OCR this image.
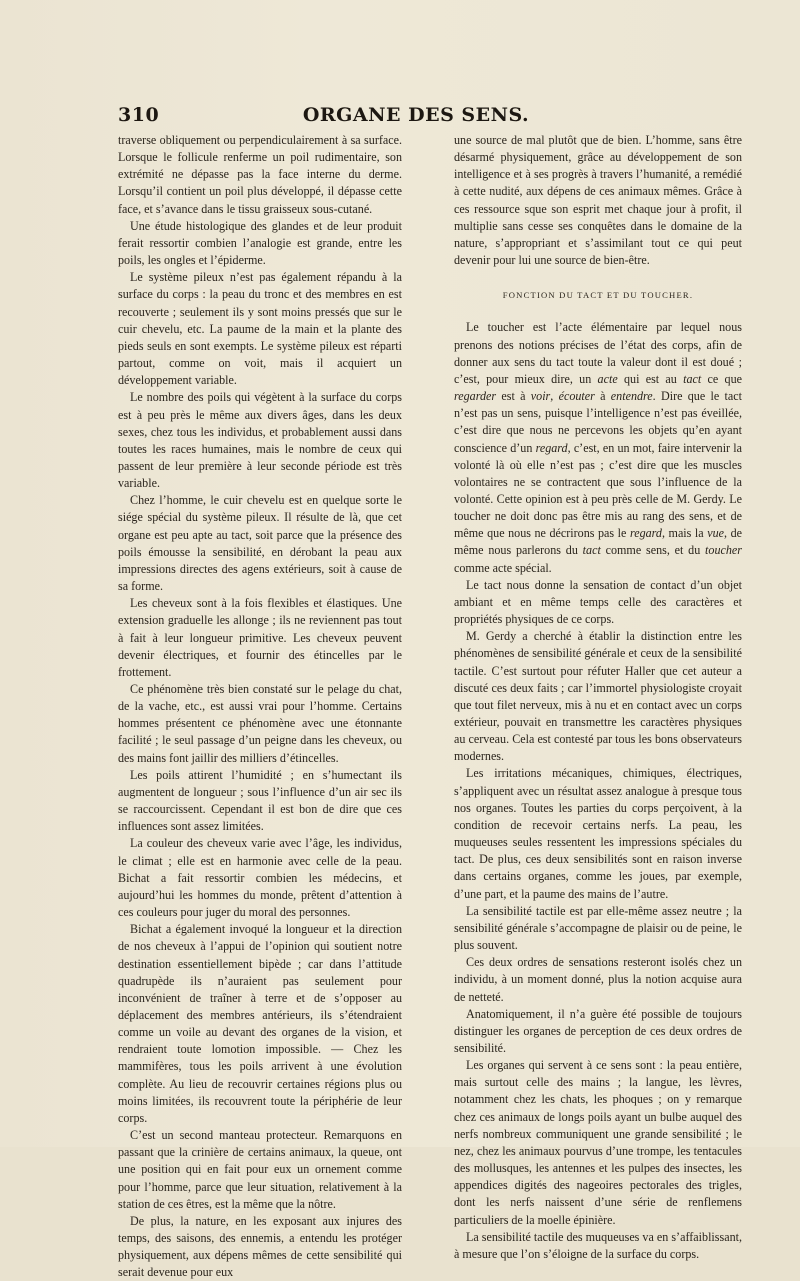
310	ORGANE DES SENS.

traverse obliquement ou perpendiculairement à sa surface. Lorsque le follicule renferme un poil rudimentaire, son extrémité ne dépasse pas la face interne du derme. Lorsqu’il contient un poil plus développé, il dépasse cette face, et s’avance dans le tissu graisseux sous-cutané.

Une étude histologique des glandes et de leur produit ferait ressortir combien l’analogie est grande, entre les poils, les ongles et l’épiderme.

Le système pileux n’est pas également répandu à la surface du corps : la peau du tronc et des membres en est recouverte ; seulement ils y sont moins pressés que sur le cuir chevelu, etc. La paume de la main et la plante des pieds seuls en sont exempts. Le système pileux est réparti partout, comme on voit, mais il acquiert un développement variable.

Le nombre des poils qui végètent à la surface du corps est à peu près le même aux divers âges, dans les deux sexes, chez tous les individus, et probablement aussi dans toutes les races humaines, mais le nombre de ceux qui passent de leur première à leur seconde période est très variable.

Chez l’homme, le cuir chevelu est en quelque sorte le siége spécial du système pileux. Il résulte de là, que cet organe est peu apte au tact, soit parce que la présence des poils émousse la sensibilité, en dérobant la peau aux impressions directes des agens extérieurs, soit à cause de sa forme.

Les cheveux sont à la fois flexibles et élastiques. Une extension graduelle les allonge ; ils ne reviennent pas tout à fait à leur longueur primitive. Les cheveux peuvent devenir électriques, et fournir des étincelles par le frottement.

Ce phénomène très bien constaté sur le pelage du chat, de la vache, etc., est aussi vrai pour l’homme. Certains hommes présentent ce phénomène avec une étonnante facilité ; le seul passage d’un peigne dans les cheveux, ou des mains font jaillir des milliers d’étincelles.

Les poils attirent l’humidité ; en s’humectant ils augmentent de longueur ; sous l’influence d’un air sec ils se raccourcissent. Cependant il est bon de dire que ces influences sont assez limitées.

La couleur des cheveux varie avec l’âge, les individus, le climat ; elle est en harmonie avec celle de la peau. Bichat a fait ressortir combien les médecins, et aujourd’hui les hommes du monde, prêtent d’attention à ces couleurs pour juger du moral des personnes.

Bichat a également invoqué la longueur et la direction de nos cheveux à l’appui de l’opinion qui soutient notre destination essentiellement bipède ; car dans l’attitude quadrupède ils n’auraient pas seulement pour inconvénient de traîner à terre et de s’opposer au déplacement des membres antérieurs, ils s’étendraient comme un voile au devant des organes de la vision, et rendraient toute lomotion impossible. — Chez les mammifères, tous les poils arrivent à une évolution complète. Au lieu de recouvrir certaines régions plus ou moins limitées, ils recouvrent toute la périphérie de leur corps.

C’est un second manteau protecteur. Remarquons en passant que la crinière de certains animaux, la queue, ont une position qui en fait pour eux un ornement comme pour l’homme, parce que leur situation, relativement à la station de ces êtres, est la même que la nôtre.

De plus, la nature, en les exposant aux injures des temps, des saisons, des ennemis, a entendu les protéger physiquement, aux dépens mêmes de cette sensibilité qui serait devenue pour eux

une source de mal plutôt que de bien. L’homme, sans être désarmé physiquement, grâce au développement de son intelligence et à ses progrès à travers l’humanité, a remédié à cette nudité, aux dépens de ces animaux mêmes. Grâce à ces ressource sque son esprit met chaque jour à profit, il multiplie sans cesse ses conquêtes dans le domaine de la nature, s’appropriant et s’assimilant tout ce qui peut devenir pour lui une source de bien-être.

FONCTION DU TACT ET DU TOUCHER.

Le toucher est l’acte élémentaire par lequel nous prenons des notions précises de l’état des corps, afin de donner aux sens du tact toute la valeur dont il est doué ; c’est, pour mieux dire, un acte qui est au tact ce que regarder est à voir, écouter à entendre. Dire que le tact n’est pas un sens, puisque l’intelligence n’est pas éveillée, c’est dire que nous ne percevons les objets qu’en ayant conscience d’un regard, c’est, en un mot, faire intervenir la volonté là où elle n’est pas ; c’est dire que les muscles volontaires ne se contractent que sous l’influence de la volonté. Cette opinion est à peu près celle de M. Gerdy. Le toucher ne doit donc pas être mis au rang des sens, et de même que nous ne décrirons pas le regard, mais la vue, de même nous parlerons du tact comme sens, et du toucher comme acte spécial.

Le tact nous donne la sensation de contact d’un objet ambiant et en même temps celle des caractères et propriétés physiques de ce corps.

M. Gerdy a cherché à établir la distinction entre les phénomènes de sensibilité générale et ceux de la sensibilité tactile. C’est surtout pour réfuter Haller que cet auteur a discuté ces deux faits ; car l’immortel physiologiste croyait que tout filet nerveux, mis à nu et en contact avec un corps extérieur, pouvait en transmettre les caractères physiques au cerveau. Cela est contesté par tous les bons observateurs modernes.

Les irritations mécaniques, chimiques, électriques, s’appliquent avec un résultat assez analogue à presque tous nos organes. Toutes les parties du corps perçoivent, à la condition de recevoir certains nerfs. La peau, les muqueuses seules ressentent les impressions spéciales du tact. De plus, ces deux sensibilités sont en raison inverse dans certains organes, comme les joues, par exemple, d’une part, et la paume des mains de l’autre.

La sensibilité tactile est par elle-même assez neutre ; la sensibilité générale s’accompagne de plaisir ou de peine, le plus souvent.

Ces deux ordres de sensations resteront isolés chez un individu, à un moment donné, plus la notion acquise aura de netteté.

Anatomiquement, il n’a guère été possible de toujours distinguer les organes de perception de ces deux ordres de sensibilité.

Les organes qui servent à ce sens sont : la peau entière, mais surtout celle des mains ; la langue, les lèvres, notamment chez les chats, les phoques ; on y remarque chez ces animaux de longs poils ayant un bulbe auquel des nerfs nombreux communiquent une grande sensibilité ; le nez, chez les animaux pourvus d’une trompe, les tentacules des mollusques, les antennes et les pulpes des insectes, les appendices digités des nageoires pectorales des trigles, dont les nerfs naissent d’une série de renflemens particuliers de la moelle épinière.

La sensibilité tactile des muqueuses va en s’affaiblissant, à mesure que l’on s’éloigne de la surface du corps.
